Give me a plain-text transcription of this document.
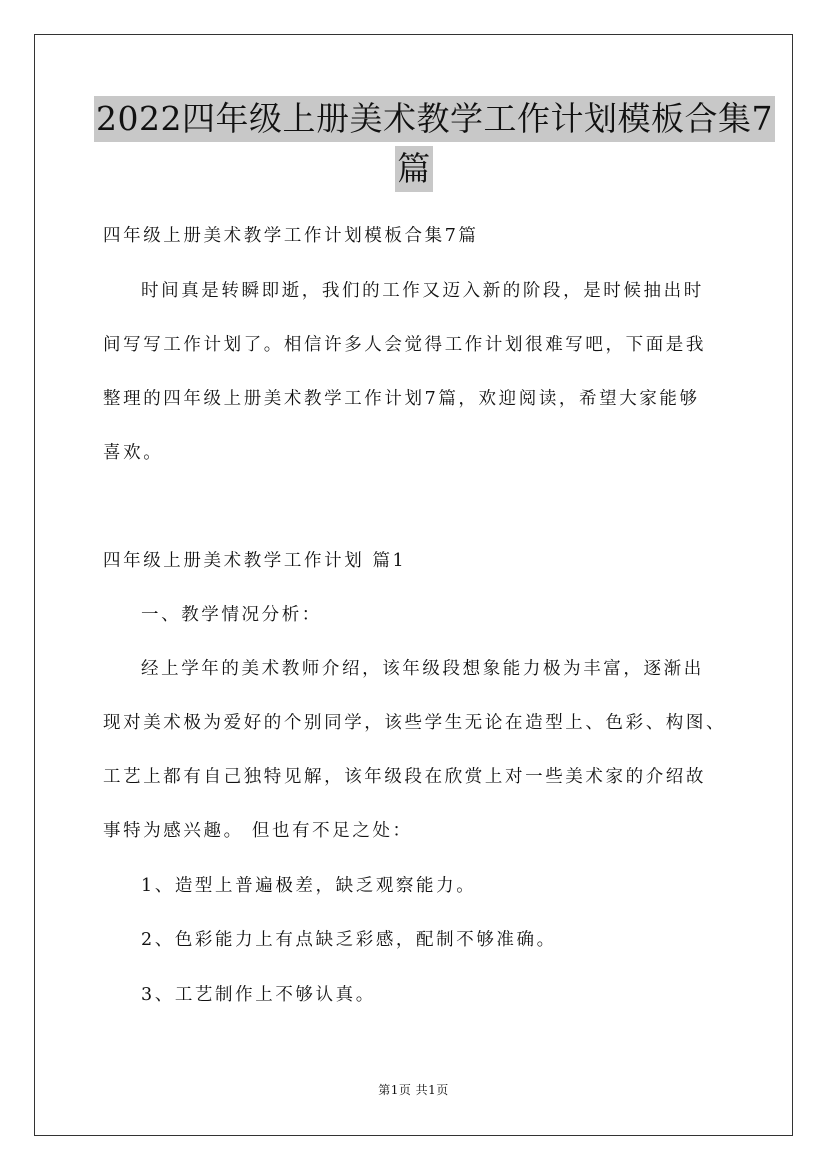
2022四年级上册美术教学工作计划模板合集7
篇
四年级上册美术教学工作计划模板合集7篇
时间真是转瞬即逝，我们的工作又迈入新的阶段，是时候抽出时
间写写工作计划了。相信许多人会觉得工作计划很难写吧，下面是我
整理的四年级上册美术教学工作计划7篇，欢迎阅读，希望大家能够
喜欢。
四年级上册美术教学工作计划 篇1
一、教学情况分析：
经上学年的美术教师介绍，该年级段想象能力极为丰富，逐渐出
现对美术极为爱好的个别同学，该些学生无论在造型上、色彩、构图、
工艺上都有自己独特见解，该年级段在欣赏上对一些美术家的介绍故
事特为感兴趣。 但也有不足之处：
1、造型上普遍极差，缺乏观察能力。
2、色彩能力上有点缺乏彩感，配制不够准确。
3、工艺制作上不够认真。
第1页 共1页
